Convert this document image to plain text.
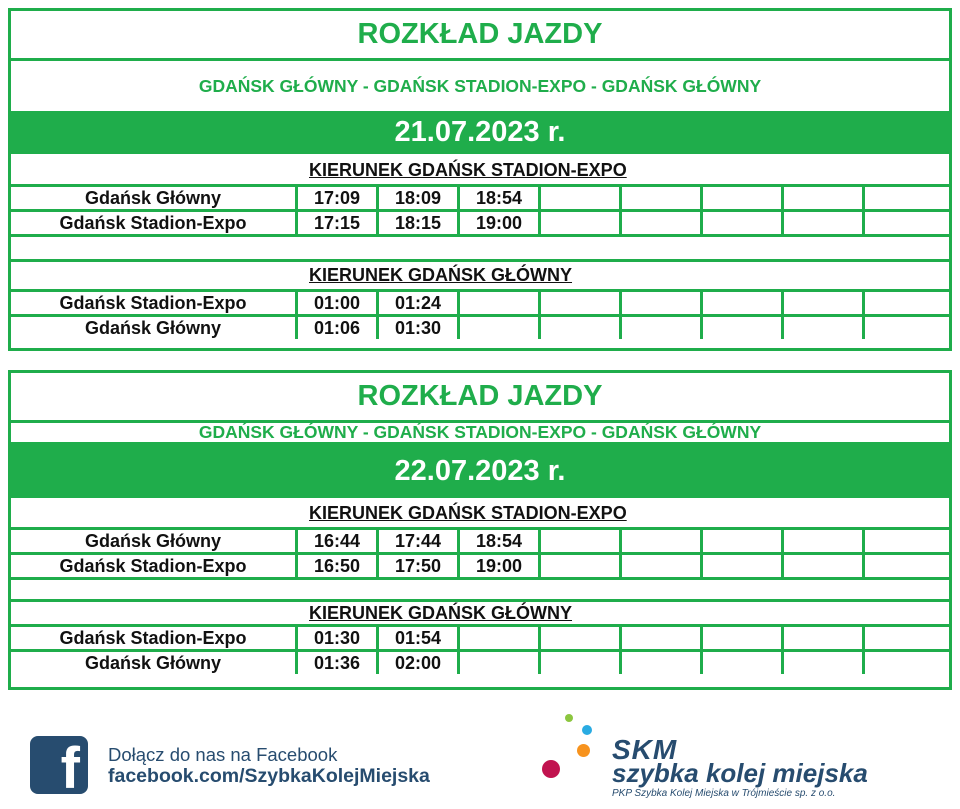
ROZKŁAD JAZDY
GDAŃSK GŁÓWNY - GDAŃSK STADION-EXPO - GDAŃSK GŁÓWNY
21.07.2023 r.
KIERUNEK GDAŃSK STADION-EXPO
Gdańsk Główny	17:09	18:09	18:54
Gdańsk Stadion-Expo	17:15	18:15	19:00
KIERUNEK GDAŃSK GŁÓWNY
Gdańsk Stadion-Expo	01:00	01:24
Gdańsk Główny	01:06	01:30
ROZKŁAD JAZDY
GDAŃSK GŁÓWNY - GDAŃSK STADION-EXPO - GDAŃSK GŁÓWNY
22.07.2023 r.
KIERUNEK GDAŃSK STADION-EXPO
Gdańsk Główny	16:44	17:44	18:54
Gdańsk Stadion-Expo	16:50	17:50	19:00
KIERUNEK GDAŃSK GŁÓWNY
Gdańsk Stadion-Expo	01:30	01:54
Gdańsk Główny	01:36	02:00
f	Dołącz do nas na Facebook
facebook.com/SzybkaKolejMiejska
SKM
szybka kolej miejska
PKP Szybka Kolej Miejska w Trójmieście sp. z o.o.
